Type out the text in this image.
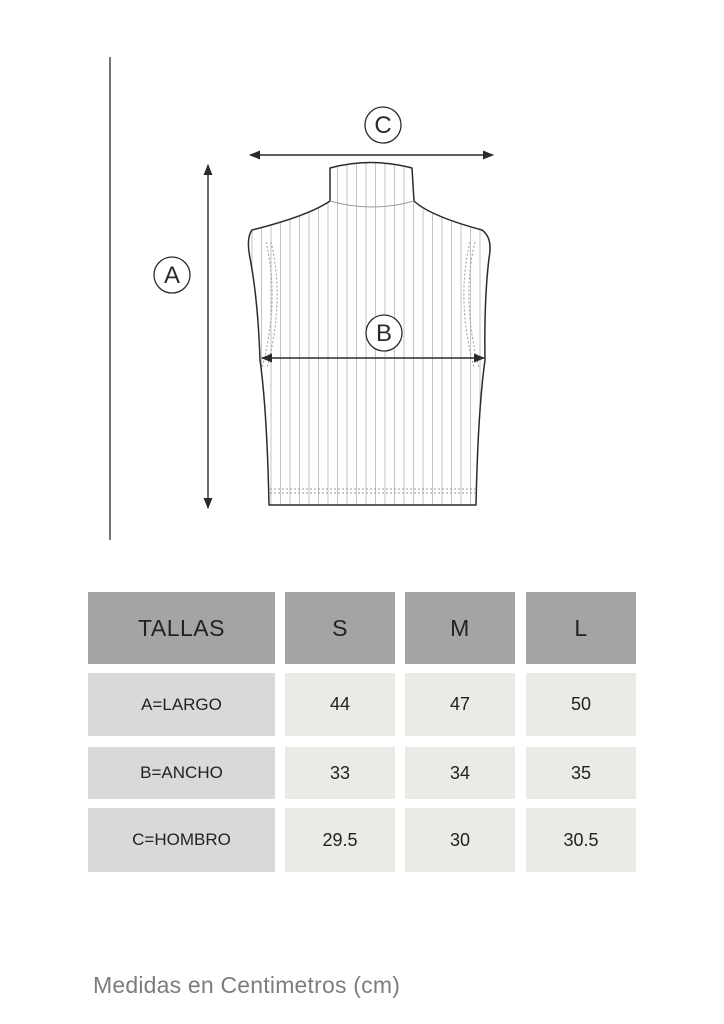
C
A
B
TALLAS	S	M	L
A=LARGO	44	47	50
B=ANCHO	33	34	35
C=HOMBRO	29.5	30	30.5
Medidas en Centimetros (cm)
